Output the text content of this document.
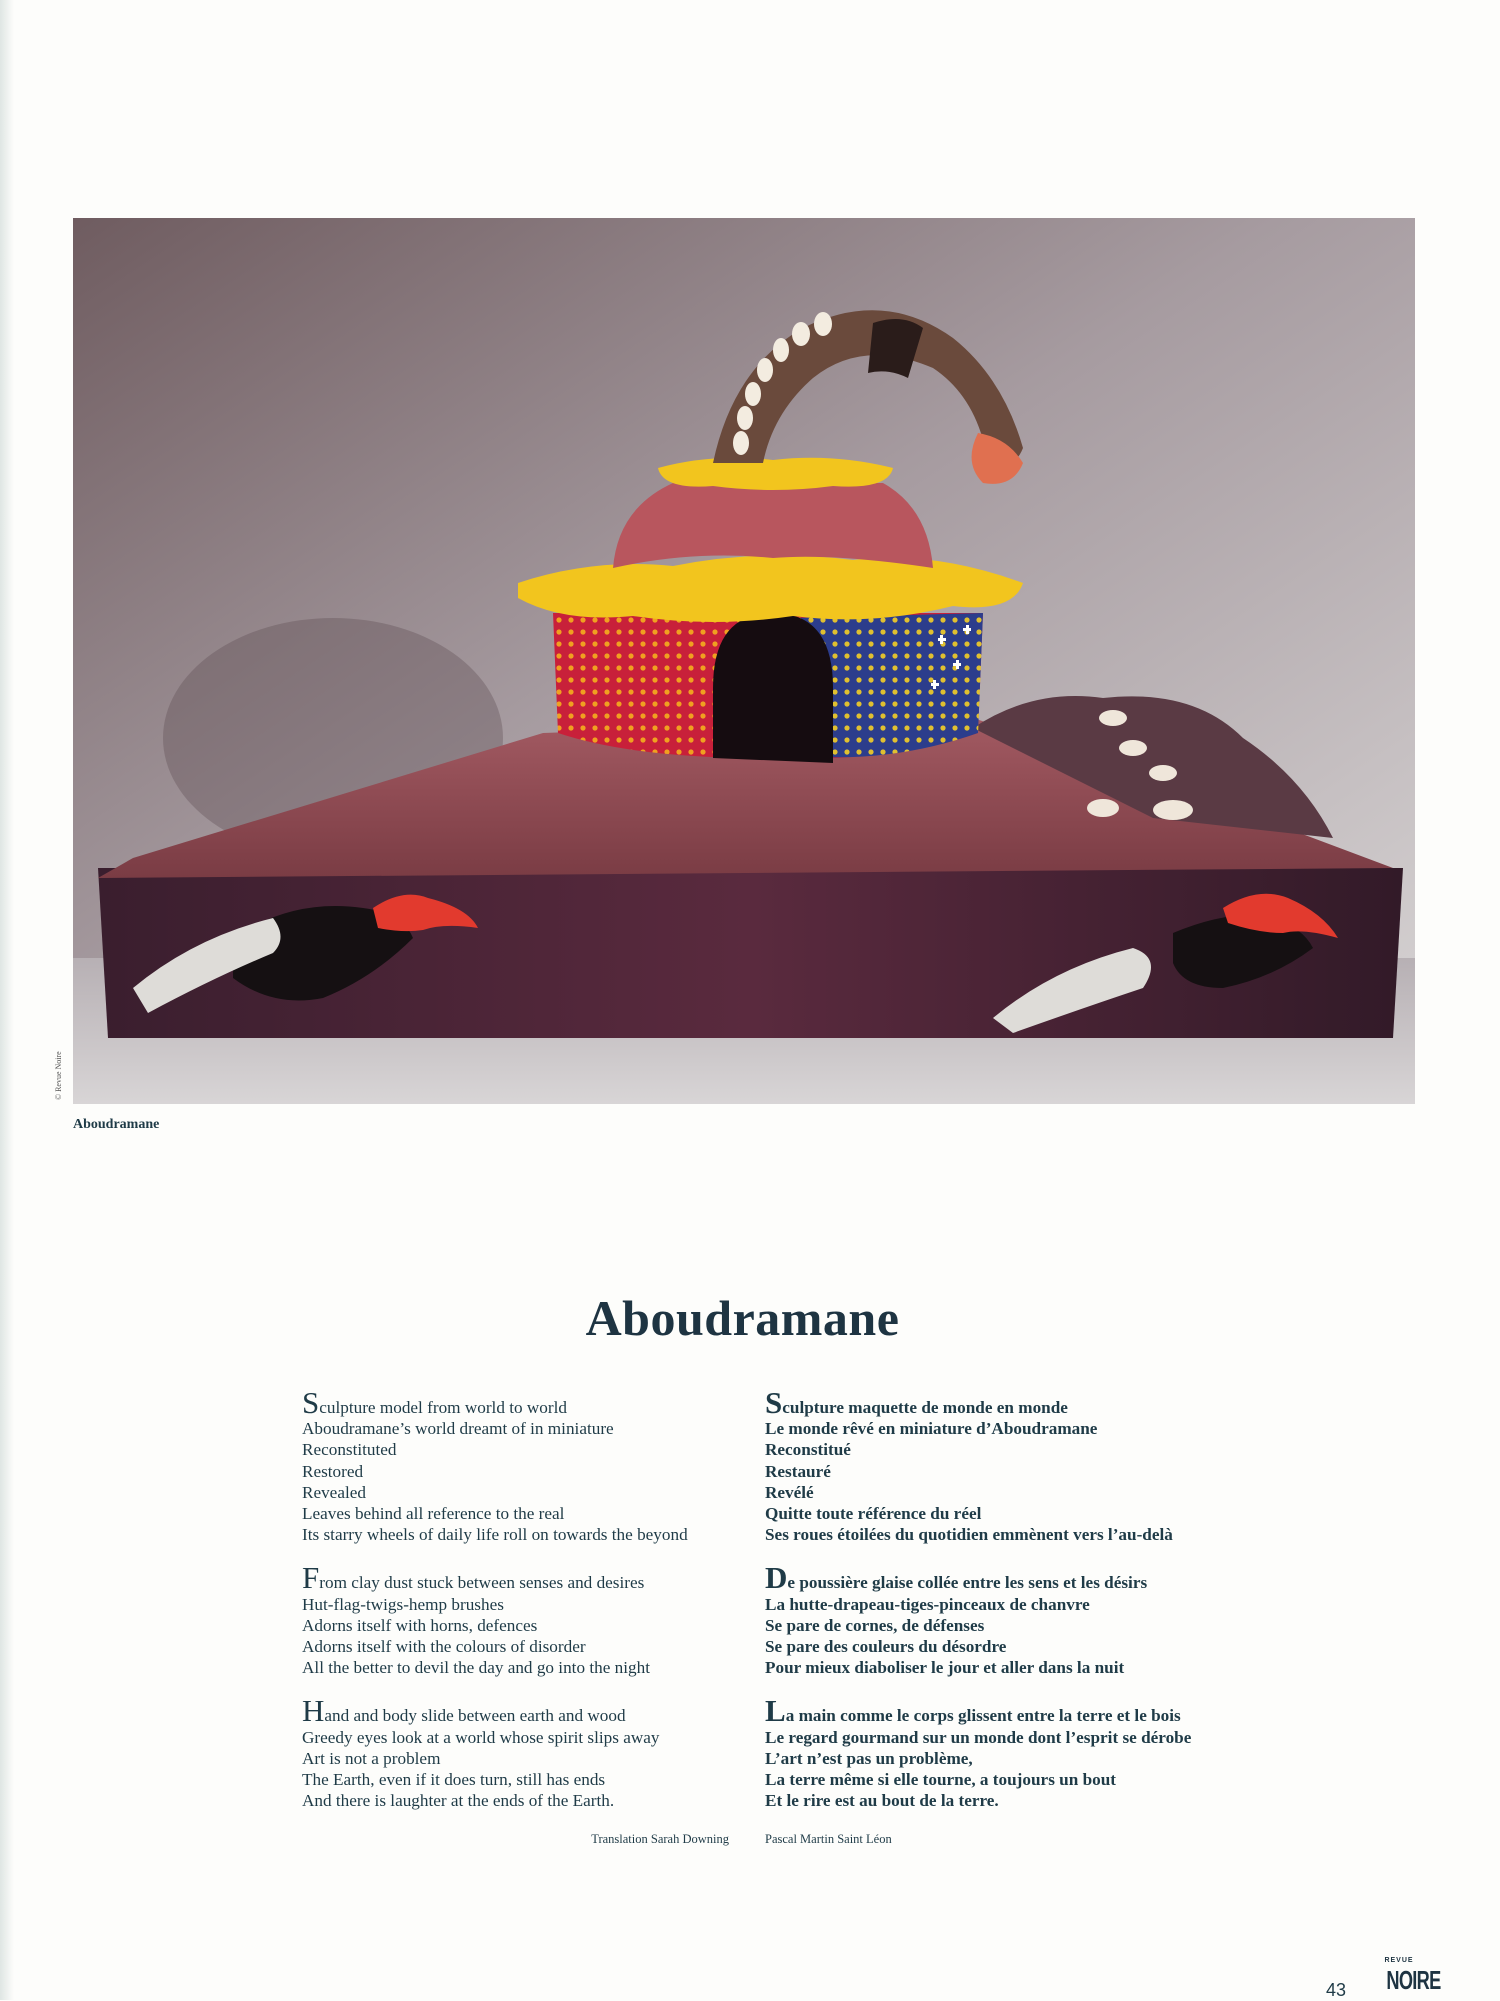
© Revue Noire
Aboudramane
Aboudramane
Sculpture model from world to world
Aboudramane’s world dreamt of in miniature
Reconstituted
Restored
Revealed
Leaves behind all reference to the real
Its starry wheels of daily life roll on towards the beyond
From clay dust stuck between senses and desires
Hut-flag-twigs-hemp brushes
Adorns itself with horns, defences
Adorns itself with the colours of disorder
All the better to devil the day and go into the night
Hand and body slide between earth and wood
Greedy eyes look at a world whose spirit slips away
Art is not a problem
The Earth, even if it does turn, still has ends
And there is laughter at the ends of the Earth.
Sculpture maquette de monde en monde
Le monde rêvé en miniature d’Aboudramane
Reconstitué
Restauré
Revélé
Quitte toute référence du réel
Ses roues étoilées du quotidien emmènent vers l’au-delà
De poussière glaise collée entre les sens et les désirs
La hutte-drapeau-tiges-pinceaux de chanvre
Se pare de cornes, de défenses
Se pare des couleurs du désordre
Pour mieux diaboliser le jour et aller dans la nuit
La main comme le corps glissent entre la terre et le bois
Le regard gourmand sur un monde dont l’esprit se dérobe
L’art n’est pas un problème,
La terre même si elle tourne, a toujours un bout
Et le rire est au bout de la terre.
Translation Sarah Downing	Pascal Martin Saint Léon
43
REVUE
NOIRE
